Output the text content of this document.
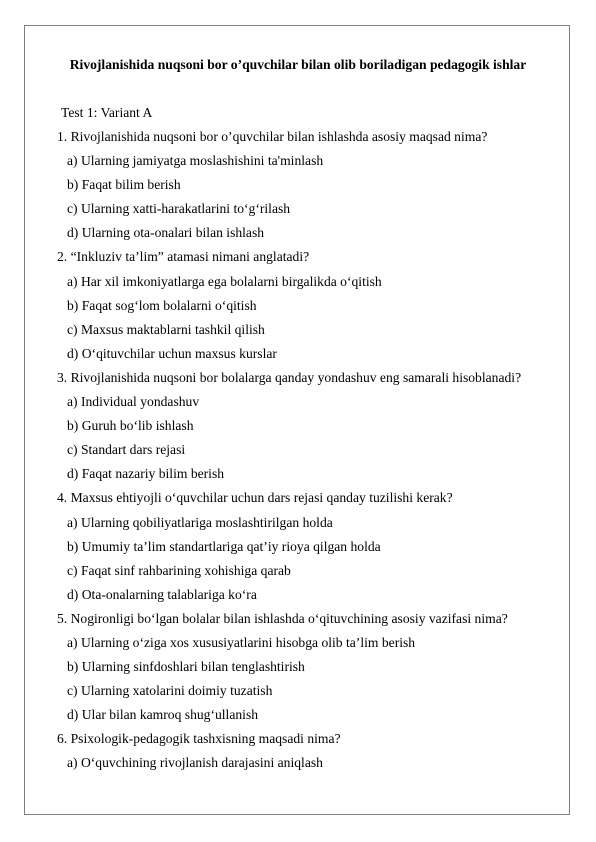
Rivojlanishida nuqsoni bor o’quvchilar bilan olib boriladigan pedagogik ishlar
Test 1: Variant A
1. Rivojlanishida nuqsoni bor o’quvchilar bilan ishlashda asosiy maqsad nima?
a) Ularning jamiyatga moslashishini ta'minlash
b) Faqat bilim berish
c) Ularning xatti-harakatlarini to‘g‘rilash
d) Ularning ota-onalari bilan ishlash
2. “Inkluziv ta’lim” atamasi nimani anglatadi?
a) Har xil imkoniyatlarga ega bolalarni birgalikda o‘qitish
b) Faqat sog‘lom bolalarni o‘qitish
c) Maxsus maktablarni tashkil qilish
d) O‘qituvchilar uchun maxsus kurslar
3. Rivojlanishida nuqsoni bor bolalarga qanday yondashuv eng samarali hisoblanadi?
a) Individual yondashuv
b) Guruh bo‘lib ishlash
c) Standart dars rejasi
d) Faqat nazariy bilim berish
4. Maxsus ehtiyojli o‘quvchilar uchun dars rejasi qanday tuzilishi kerak?
a) Ularning qobiliyatlariga moslashtirilgan holda
b) Umumiy ta’lim standartlariga qat’iy rioya qilgan holda
c) Faqat sinf rahbarining xohishiga qarab
d) Ota-onalarning talablariga ko‘ra
5. Nogironligi bo‘lgan bolalar bilan ishlashda o‘qituvchining asosiy vazifasi nima?
a) Ularning o‘ziga xos xususiyatlarini hisobga olib ta’lim berish
b) Ularning sinfdoshlari bilan tenglashtirish
c) Ularning xatolarini doimiy tuzatish
d) Ular bilan kamroq shug‘ullanish
6. Psixologik-pedagogik tashxisning maqsadi nima?
a) O‘quvchining rivojlanish darajasini aniqlash
